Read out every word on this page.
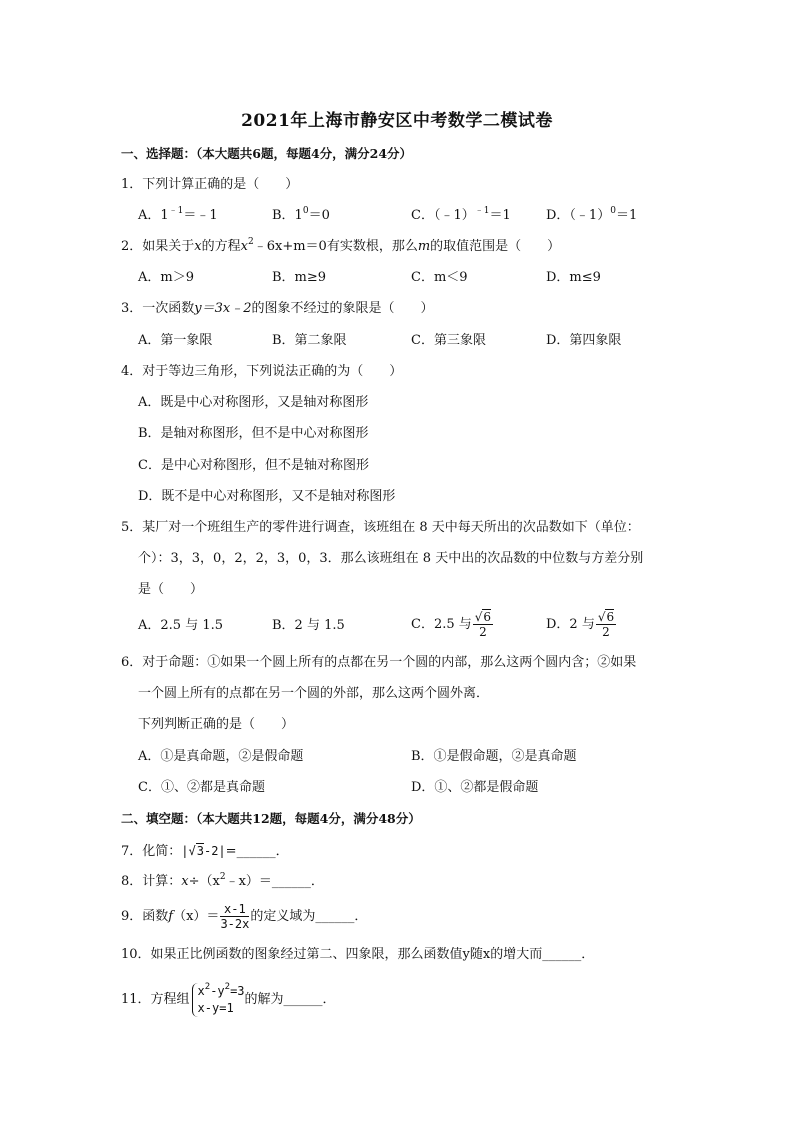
2021年上海市静安区中考数学二模试卷
一、选择题：（本大题共6题，每题4分，满分24分）
1．下列计算正确的是（　　）
A．$1^{﹣1}=﹣1$	B．$1^0=0$	C．（﹣1）$^{﹣1}$＝1	D．（﹣1）$^0$＝1
2．如果关于x的方程$x^2﹣6x+m=0$有实数根，那么m的取值范围是（　　）
A．m＞9	B．m≥9	C．m＜9	D．m≤9
3．一次函数y＝3x﹣2的图象不经过的象限是（　　）
A．第一象限	B．第二象限	C．第三象限	D．第四象限
4．对于等边三角形，下列说法正确的为（　　）
A．既是中心对称图形，又是轴对称图形
B．是轴对称图形，但不是中心对称图形
C．是中心对称图形，但不是轴对称图形
D．既不是中心对称图形，又不是轴对称图形
5．某厂对一个班组生产的零件进行调查，该班组在 8 天中每天所出的次品数如下（单位：
个）：3，3，0，2，2，3，0，3．那么该班组在 8 天中出的次品数的中位数与方差分别
是（　　）
A．2.5 与 1.5	B．2 与 1.5	C．2.5 与 $\frac{√6}{2}$	D．2 与 $\frac{√6}{2}$
6．对于命题：①如果一个圆上所有的点都在另一个圆的内部，那么这两个圆内含；②如果
一个圆上所有的点都在另一个圆的外部，那么这两个圆外离．
下列判断正确的是（　　）
A．①是真命题，②是假命题	B．①是假命题，②是真命题
C．①、②都是真命题	D．①、②都是假命题
二、填空题：（本大题共12题，每题4分，满分48分）
7．化简：|√3-2|=______．
8．计算：$x\div(x^2﹣x)=\_\_\_\_\_\_$．
9．函数$f(x)= \frac{x-1}{3-2x}$ 的定义域为______．
10．如果正比例函数的图象经过第二、四象限，那么函数值y随x的增大而______．
11．方程组
$x^2-y^2=3$
x-y=1
的解为______．
